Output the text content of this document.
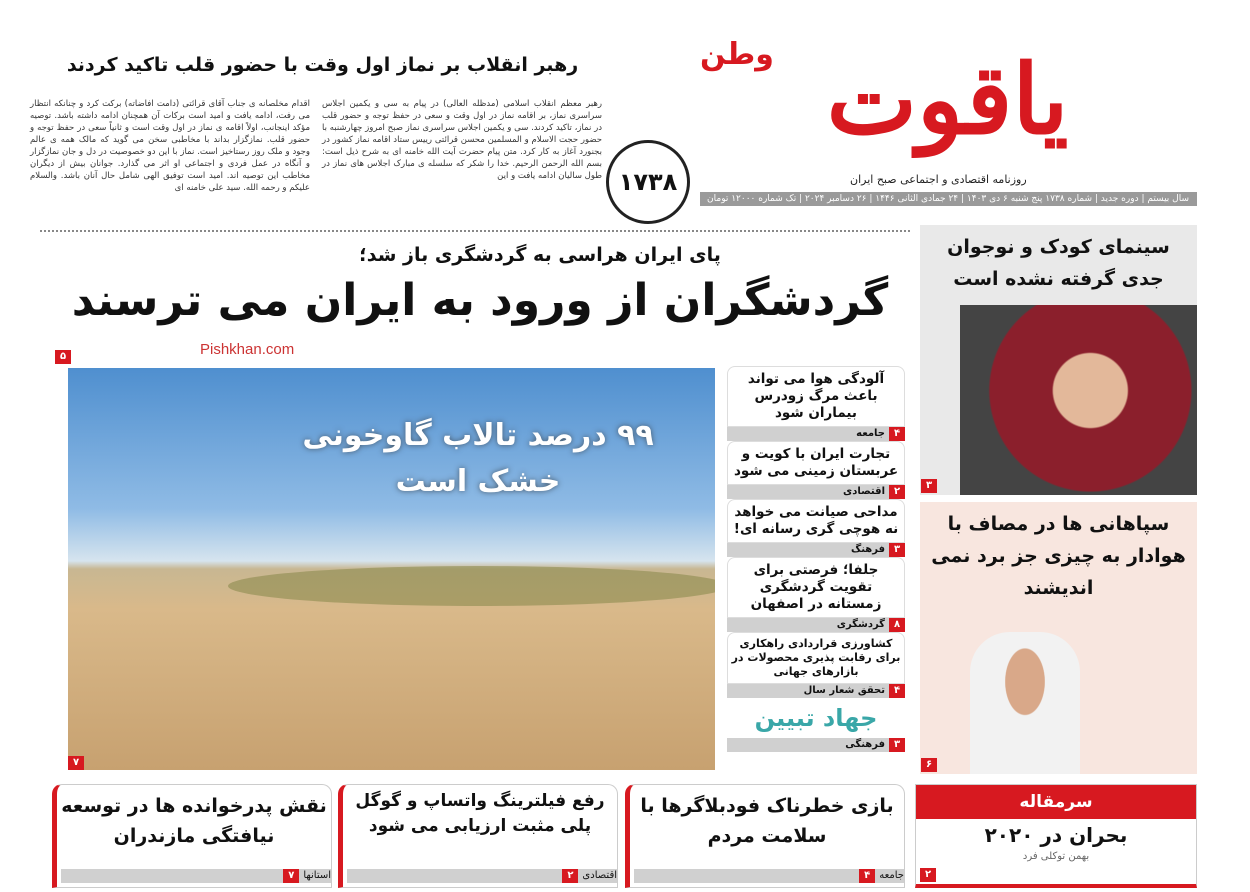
یاقوت
وطن
روزنامه اقتصادی و اجتماعی صبح ایران
سال بیستم | دوره جدید | شماره ۱۷۳۸ پنج شنبه ۶ دی ۱۴۰۳ | ۲۴ جمادی الثانی ۱۴۴۶ | ۲۶ دسامبر ۲۰۲۴ | تک شماره ۱۲۰۰۰ تومان
۱۷۳۸
رهبر انقلاب بر نماز اول وقت با حضور قلب تاکید کردند
رهبر معظم انقلاب اسلامی (مدظله العالی) در پیام به سی و یکمین اجلاس سراسری نماز، بر اقامه نماز در اول وقت و سعی در حفظ توجه و حضور قلب در نماز، تاکید کردند. سی و یکمین اجلاس سراسری نماز صبح امروز چهارشنبه با حضور حجت الاسلام و المسلمین محسن قرائتی رییس ستاد اقامه نماز کشور در بجنورد آغاز به کار کرد. متن پیام حضرت آیت الله خامنه ای به شرح ذیل است: بسم الله الرحمن الرحیم. خدا را شکر که سلسله ی مبارک اجلاس های نماز در طول سالیان ادامه یافت و این
اقدام مخلصانه ی جناب آقای قرائتی (دامت افاضاته) برکت کرد و چنانکه انتظار می رفت، ادامه یافت و امید است برکات آن همچنان ادامه داشته باشد. توصیه مؤکد اینجانب، اولاً اقامه ی نماز در اول وقت است و ثانیاً سعی در حفظ توجه و حضور قلب. نمازگزار بداند با مخاطبی سخن می گوید که مالک همه ی عالم وجود و ملک روز رستاخیز است. نماز با این دو خصوصیت در دل و جان نمازگزار و آنگاه در عمل فردی و اجتماعی او اثر می گذارد. جوانان بیش از دیگران مخاطب این توصیه اند. امید است توفیق الهی شامل حال آنان باشد. والسلام علیکم و رحمه الله. سید علی خامنه ای
پای ایران هراسی به گردشگری باز شد؛
گردشگران از ورود به ایران می ترسند
Pishkhan.com
۵
۹۹ درصد تالاب گاوخونی خشک است
۷
آلودگی هوا می تواند باعث مرگ زودرس بیماران شود
۴
جامعه
تجارت ایران با کویت و عربستان زمینی می شود
۲
اقتصادی
مداحی صیانت می خواهد نه هوچی گری رسانه ای!
۳
فرهنگ
جلفا؛ فرصتی برای تقویت گردشگری زمستانه در اصفهان
۸
گردشگری
کشاورزی قراردادی راهکاری برای رقابت پذیری محصولات در بازارهای جهانی
۴
تحقق شعار سال
جهاد تبیین
۳
فرهنگی
سینمای کودک و نوجوان جدی گرفته نشده است
۳
سپاهانی ها در مصاف با هوادار به چیزی جز برد نمی اندیشند
۶
بازی خطرناک فودبلاگرها با سلامت مردم
جامعه
۴
رفع فیلترینگ واتساپ و گوگل پلی مثبت ارزیابی می شود
اقتصادی
۲
نقش پدرخوانده ها در توسعه نیافتگی مازندران
استانها
۷
سرمقاله
بحران در ۲۰۲۰
بهمن توکلی فرد
۲
